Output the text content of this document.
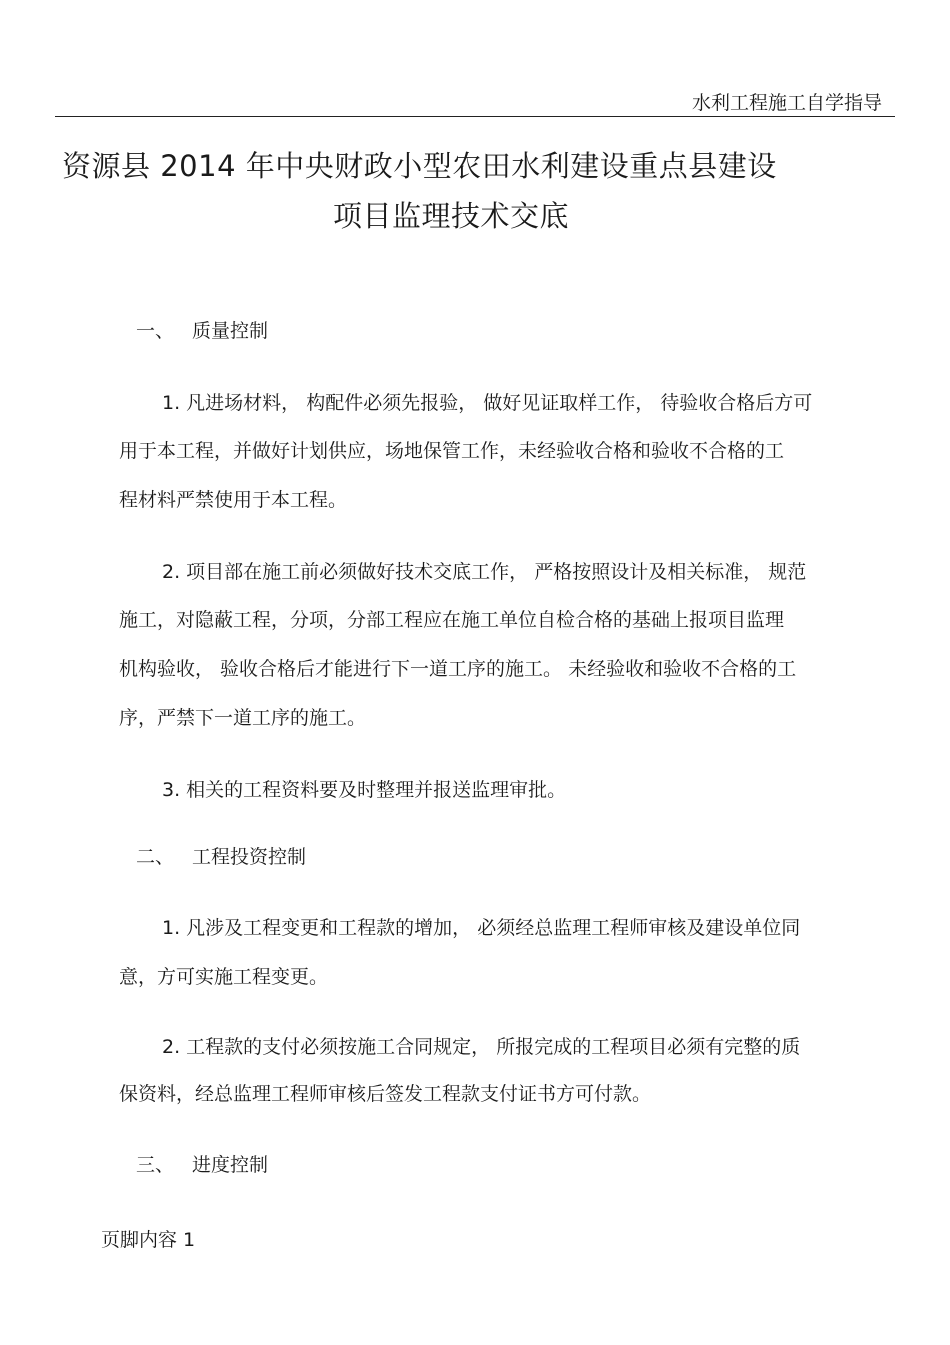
水利工程施工自学指导
资源县 2014 年中央财政小型农田水利建设重点县建设
项目监理技术交底
一、 质量控制
1. 凡进场材料， 构配件必须先报验， 做好见证取样工作， 待验收合格后方可
用于本工程，并做好计划供应，场地保管工作，未经验收合格和验收不合格的工
程材料严禁使用于本工程。
2. 项目部在施工前必须做好技术交底工作， 严格按照设计及相关标准， 规范
施工，对隐蔽工程，分项，分部工程应在施工单位自检合格的基础上报项目监理
机构验收， 验收合格后才能进行下一道工序的施工。 未经验收和验收不合格的工
序，严禁下一道工序的施工。
3. 相关的工程资料要及时整理并报送监理审批。
二、 工程投资控制
1. 凡涉及工程变更和工程款的增加， 必须经总监理工程师审核及建设单位同
意，方可实施工程变更。
2. 工程款的支付必须按施工合同规定， 所报完成的工程项目必须有完整的质
保资料，经总监理工程师审核后签发工程款支付证书方可付款。
三、 进度控制
页脚内容 1
